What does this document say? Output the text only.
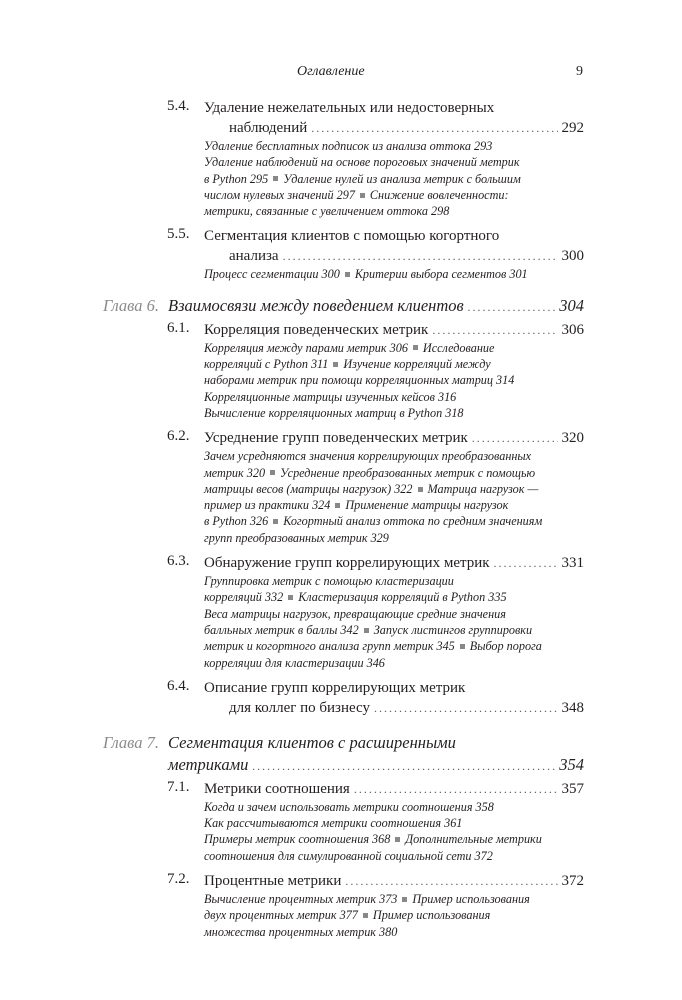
Оглавление	9
5.4. Удаление нежелательных или недостоверных
наблюдений .....	292
Удаление бесплатных подписок из анализа оттока 293
Удаление наблюдений на основе пороговых значений метрик
в Python 295 Удаление нулей из анализа метрик с большим
числом нулевых значений 297 Снижение вовлеченности:
метрики, связанные с увеличением оттока 298
5.5. Сегментация клиентов с помощью когортного
анализа .....	300
Процесс сегментации 300 Критерии выбора сегментов 301
Глава 6. Взаимосвязи между поведением клиентов .....	304
6.1. Корреляция поведенческих метрик .....	306
Корреляция между парами метрик 306 Исследование
корреляций с Python 311 Изучение корреляций между
наборами метрик при помощи корреляционных матриц 314
Корреляционные матрицы изученных кейсов 316
Вычисление корреляционных матриц в Python 318
6.2. Усреднение групп поведенческих метрик .....	320
Зачем усредняются значения коррелирующих преобразованных
метрик 320 Усреднение преобразованных метрик с помощью
матрицы весов (матрицы нагрузок) 322 Матрица нагрузок —
пример из практики 324 Применение матрицы нагрузок
в Python 326 Когортный анализ оттока по средним значениям
групп преобразованных метрик 329
6.3. Обнаружение групп коррелирующих метрик .....	331
Группировка метрик с помощью кластеризации
корреляций 332 Кластеризация корреляций в Python 335
Веса матрицы нагрузок, превращающие средние значения
балльных метрик в баллы 342 Запуск листингов группировки
метрик и когортного анализа групп метрик 345 Выбор порога
корреляции для кластеризации 346
6.4. Описание групп коррелирующих метрик
для коллег по бизнесу .....	348
Глава 7. Сегментация клиентов с расширенными
метриками .....	354
7.1. Метрики соотношения .....	357
Когда и зачем использовать метрики соотношения 358
Как рассчитываются метрики соотношения 361
Примеры метрик соотношения 368 Дополнительные метрики
соотношения для симулированной социальной сети 372
7.2. Процентные метрики .....	372
Вычисление процентных метрик 373 Пример использования
двух процентных метрик 377 Пример использования
множества процентных метрик 380
